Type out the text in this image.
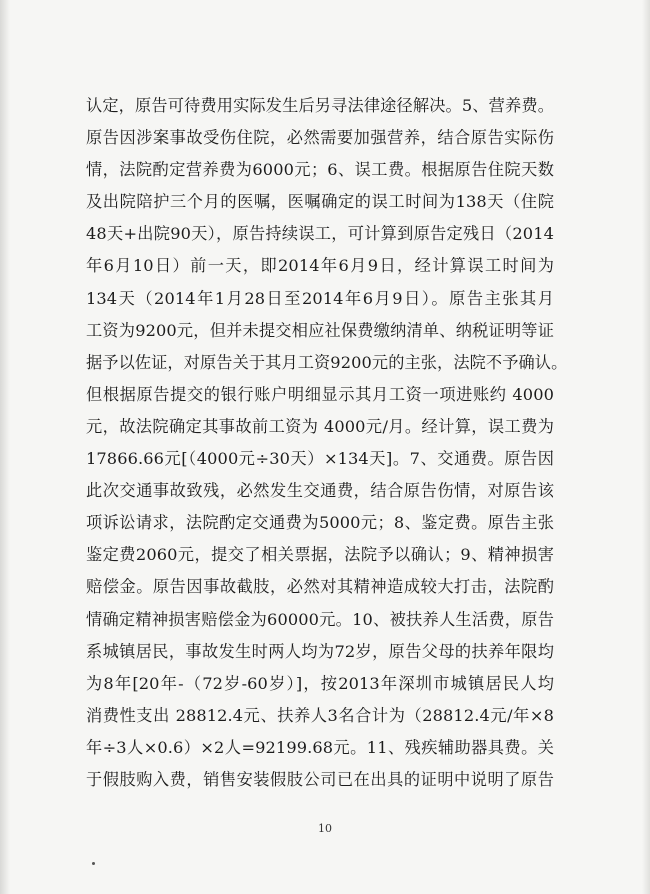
认定，原告可待费用实际发生后另寻法律途径解决。5、营养费。
原告因涉案事故受伤住院，必然需要加强营养，结合原告实际伤
情，法院酌定营养费为6000元；6、误工费。根据原告住院天数
及出院陪护三个月的医嘱，医嘱确定的误工时间为138天（住院
48天+出院90天），原告持续误工，可计算到原告定残日（2014
年6月10日）前一天，即2014年6月9日，经计算误工时间为
134天（2014年1月28日至2014年6月9日）。原告主张其月
工资为9200元，但并未提交相应社保费缴纳清单、纳税证明等证
据予以佐证，对原告关于其月工资9200元的主张，法院不予确认。
但根据原告提交的银行账户明细显示其月工资一项进账约 4000
元，故法院确定其事故前工资为 4000元/月。经计算，误工费为
17866.66元[（4000元÷30天）×134天]。7、交通费。原告因
此次交通事故致残，必然发生交通费，结合原告伤情，对原告该
项诉讼请求，法院酌定交通费为5000元；8、鉴定费。原告主张
鉴定费2060元，提交了相关票据，法院予以确认；9、精神损害
赔偿金。原告因事故截肢，必然对其精神造成较大打击，法院酌
情确定精神损害赔偿金为60000元。10、被扶养人生活费，原告
系城镇居民，事故发生时两人均为72岁，原告父母的扶养年限均
为8年[20年-（72岁-60岁）]，按2013年深圳市城镇居民人均
消费性支出 28812.4元、扶养人3名合计为（28812.4元/年×8
年÷3人×0.6）×2人=92199.68元。11、残疾辅助器具费。关
于假肢购入费，销售安装假肢公司已在出具的证明中说明了原告
10
